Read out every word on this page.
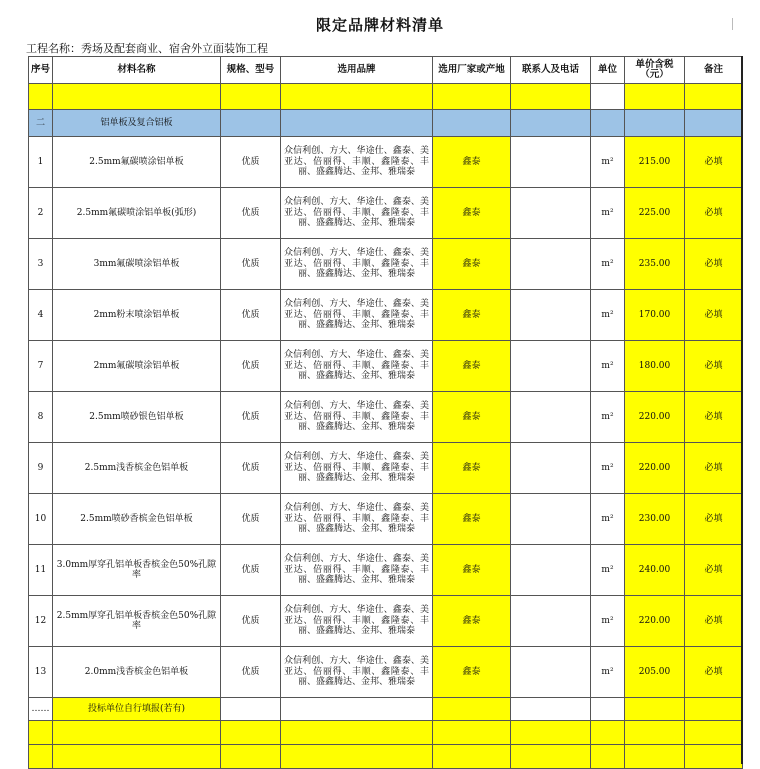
限定品牌材料清单
工程名称：秀场及配套商业、宿舍外立面装饰工程
序号	材料名称	规格、型号	选用品牌	选用厂家或产地	联系人及电话	单位	单价含税（元）	备注

二	铝单板及复合铝板							
1	2.5mm氟碳喷涂铝单板	优质	众信利创、方大、华途仕、鑫泰、美亚达、倍丽得、丰顺、鑫隆泰、丰丽、盛鑫腾达、金邦、雅瑞泰	鑫泰		m²	215.00	必填
2	2.5mm氟碳喷涂铝单板(弧形)	优质	众信利创、方大、华途仕、鑫泰、美亚达、倍丽得、丰顺、鑫隆泰、丰丽、盛鑫腾达、金邦、雅瑞泰	鑫泰		m²	225.00	必填
3	3mm氟碳喷涂铝单板	优质	众信利创、方大、华途仕、鑫泰、美亚达、倍丽得、丰顺、鑫隆泰、丰丽、盛鑫腾达、金邦、雅瑞泰	鑫泰		m²	235.00	必填
4	2mm粉末喷涂铝单板	优质	众信利创、方大、华途仕、鑫泰、美亚达、倍丽得、丰顺、鑫隆泰、丰丽、盛鑫腾达、金邦、雅瑞泰	鑫泰		m²	170.00	必填
7	2mm氟碳喷涂铝单板	优质	众信利创、方大、华途仕、鑫泰、美亚达、倍丽得、丰顺、鑫隆泰、丰丽、盛鑫腾达、金邦、雅瑞泰	鑫泰		m²	180.00	必填
8	2.5mm喷砂银色铝单板	优质	众信利创、方大、华途仕、鑫泰、美亚达、倍丽得、丰顺、鑫隆泰、丰丽、盛鑫腾达、金邦、雅瑞泰	鑫泰		m²	220.00	必填
9	2.5mm浅香槟金色铝单板	优质	众信利创、方大、华途仕、鑫泰、美亚达、倍丽得、丰顺、鑫隆泰、丰丽、盛鑫腾达、金邦、雅瑞泰	鑫泰		m²	220.00	必填
10	2.5mm喷砂香槟金色铝单板	优质	众信利创、方大、华途仕、鑫泰、美亚达、倍丽得、丰顺、鑫隆泰、丰丽、盛鑫腾达、金邦、雅瑞泰	鑫泰		m²	230.00	必填
11	3.0mm厚穿孔铝单板香槟金色50%孔隙率	优质	众信利创、方大、华途仕、鑫泰、美亚达、倍丽得、丰顺、鑫隆泰、丰丽、盛鑫腾达、金邦、雅瑞泰	鑫泰		m²	240.00	必填
12	2.5mm厚穿孔铝单板香槟金色50%孔隙率	优质	众信利创、方大、华途仕、鑫泰、美亚达、倍丽得、丰顺、鑫隆泰、丰丽、盛鑫腾达、金邦、雅瑞泰	鑫泰		m²	220.00	必填
13	2.0mm浅香槟金色铝单板	优质	众信利创、方大、华途仕、鑫泰、美亚达、倍丽得、丰顺、鑫隆泰、丰丽、盛鑫腾达、金邦、雅瑞泰	鑫泰		m²	205.00	必填
……	投标单位自行填报(若有)							
